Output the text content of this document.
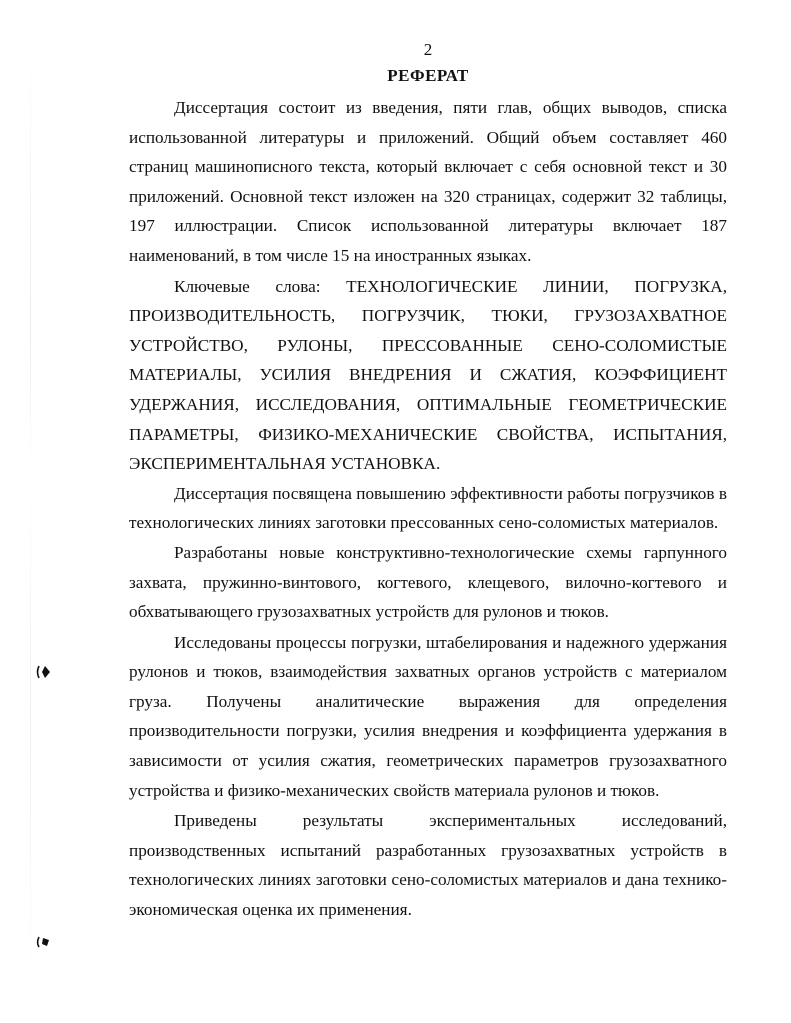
2
РЕФЕРАТ

Диссертация состоит из введения, пяти глав, общих выводов, списка использованной литературы и приложений. Общий объем составляет 460 страниц машинописного текста, который включает с себя основной текст и 30 приложений. Основной текст изложен на 320 страницах, содержит 32 таблицы, 197 иллюстрации. Список использованной литературы включает 187 наименований, в том числе 15 на иностранных языках.

Ключевые слова: ТЕХНОЛОГИЧЕСКИЕ ЛИНИИ, ПОГРУЗКА, ПРОИЗВОДИТЕЛЬНОСТЬ, ПОГРУЗЧИК, ТЮКИ, ГРУЗОЗАХВАТНОЕ УСТРОЙСТВО, РУЛОНЫ, ПРЕССОВАННЫЕ СЕНО-СОЛОМИСТЫЕ МАТЕРИАЛЫ, УСИЛИЯ ВНЕДРЕНИЯ И СЖАТИЯ, КОЭФФИЦИЕНТ УДЕРЖАНИЯ, ИССЛЕДОВАНИЯ, ОПТИМАЛЬНЫЕ ГЕОМЕТРИЧЕСКИЕ ПАРАМЕТРЫ, ФИЗИКО-МЕХАНИЧЕСКИЕ СВОЙСТВА, ИСПЫТАНИЯ, ЭКСПЕРИМЕНТАЛЬНАЯ УСТАНОВКА.

Диссертация посвящена повышению эффективности работы погрузчиков в технологических линиях заготовки прессованных сено-соломистых материалов.

Разработаны новые конструктивно-технологические схемы гарпунного захвата, пружинно-винтового, когтевого, клещевого, вилочно-когтевого и обхватывающего грузозахватных устройств для рулонов и тюков.

Исследованы процессы погрузки, штабелирования и надежного удержания рулонов и тюков, взаимодействия захватных органов устройств с материалом груза. Получены аналитические выражения для определения производительности погрузки, усилия внедрения и коэффициента удержания в зависимости от усилия сжатия, геометрических параметров грузозахватного устройства и физико-механических свойств материала рулонов и тюков.

Приведены результаты экспериментальных исследований, производственных испытаний разработанных грузозахватных устройств в технологических линиях заготовки сено-соломистых материалов и дана технико-экономическая оценка их применения.
